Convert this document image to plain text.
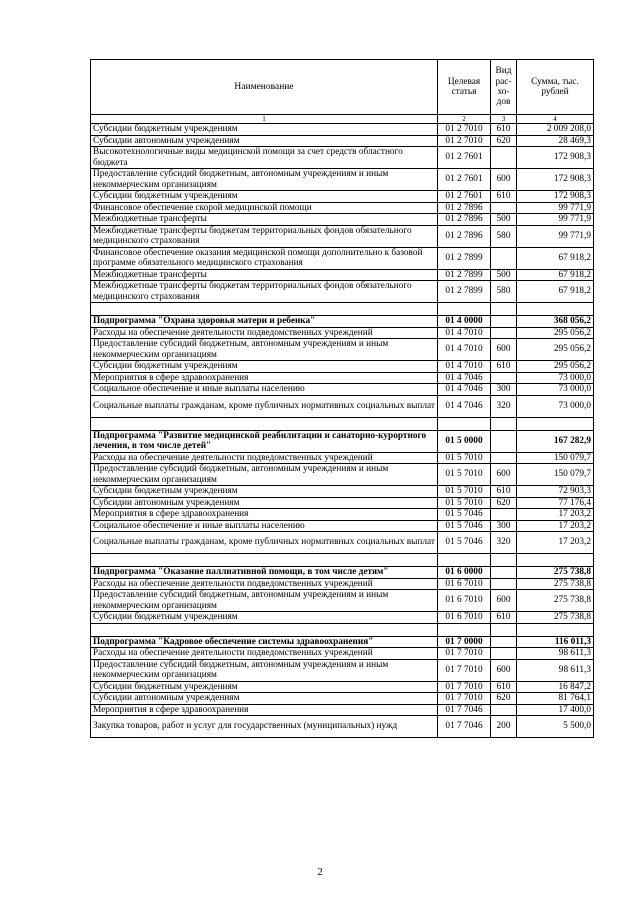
Наименование	Целевая статья	Вид рас-хо-дов	Сумма, тыс. рублей
1	2	3	4
Субсидии бюджетным учреждениям	01 2 7010	610	2 009 208,0
Субсидии автономным учреждениям	01 2 7010	620	28 469,3
Высокотехнологичные виды медицинской помощи за счет средств областного бюджета	01 2 7601		172 908,3
Предоставление субсидий бюджетным, автономным учреждениям и иным некоммерческим организациям	01 2 7601	600	172 908,3
Субсидии бюджетным учреждениям	01 2 7601	610	172 908,3
Финансовое обеспечение скорой медицинской помощи	01 2 7896		99 771,9
Межбюджетные трансферты	01 2 7896	500	99 771,9
Межбюджетные трансферты бюджетам территориальных фондов обязательного медицинского страхования	01 2 7896	580	99 771,9
Финансовое обеспечение оказания медицинской помощи дополнительно к базовой программе обязательного медицинского страхования	01 2 7899		67 918,2
Межбюджетные трансферты	01 2 7899	500	67 918,2
Межбюджетные трансферты бюджетам территориальных фондов обязательного медицинского страхования	01 2 7899	580	67 918,2

Подпрограмма "Охрана здоровья матери и ребенка"	01 4 0000		368 056,2
Расходы на обеспечение деятельности подведомственных учреждений	01 4 7010		295 056,2
Предоставление субсидий бюджетным, автономным учреждениям и иным некоммерческим организациям	01 4 7010	600	295 056,2
Субсидии бюджетным учреждениям	01 4 7010	610	295 056,2
Мероприятия в сфере здравоохранения	01 4 7046		73 000,0
Социальное обеспечение и иные выплаты населению	01 4 7046	300	73 000,0
Социальные выплаты гражданам, кроме публичных нормативных социальных выплат	01 4 7046	320	73 000,0

Подпрограмма "Развитие медицинской реабилитации и санаторно-курортного лечения, в том числе детей"	01 5 0000		167 282,9
Расходы на обеспечение деятельности подведомственных учреждений	01 5 7010		150 079,7
Предоставление субсидий бюджетным, автономным учреждениям и иным некоммерческим организациям	01 5 7010	600	150 079,7
Субсидии бюджетным учреждениям	01 5 7010	610	72 903,3
Субсидии автономным учреждениям	01 5 7010	620	77 176,4
Мероприятия в сфере здравоохранения	01 5 7046		17 203,2
Социальное обеспечение и иные выплаты населению	01 5 7046	300	17 203,2
Социальные выплаты гражданам, кроме публичных нормативных социальных выплат	01 5 7046	320	17 203,2

Подпрограмма "Оказание паллиативной помощи, в том числе детям"	01 6 0000		275 738,8
Расходы на обеспечение деятельности подведомственных учреждений	01 6 7010		275 738,8
Предоставление субсидий бюджетным, автономным учреждениям и иным некоммерческим организациям	01 6 7010	600	275 738,8
Субсидии бюджетным учреждениям	01 6 7010	610	275 738,8

Подпрограмма "Кадровое обеспечение системы здравоохранения"	01 7 0000		116 011,3
Расходы на обеспечение деятельности подведомственных учреждений	01 7 7010		98 611,3
Предоставление субсидий бюджетным, автономным учреждениям и иным некоммерческим организациям	01 7 7010	600	98 611,3
Субсидии бюджетным учреждениям	01 7 7010	610	16 847,2
Субсидии автономным учреждениям	01 7 7010	620	81 764,1
Мероприятия в сфере здравоохранения	01 7 7046		17 400,0
Закупка товаров, работ и услуг для государственных (муниципальных) нужд	01 7 7046	200	5 500,0
2
